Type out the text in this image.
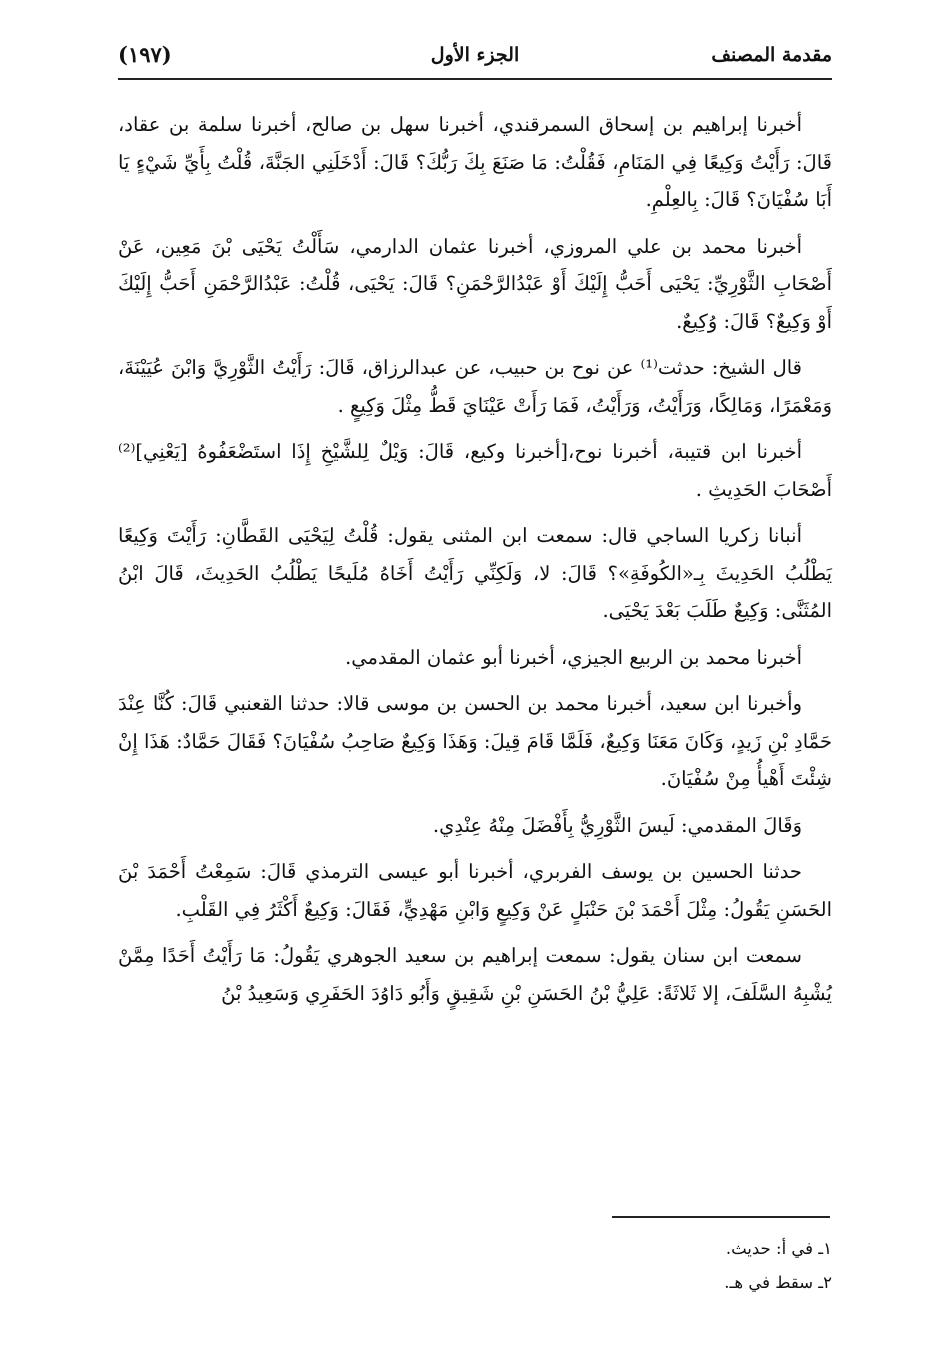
مقدمة المصنف
الجزء الأول
(١٩٧)

أخبرنا إبراهيم بن إسحاق السمرقندي، أخبرنا سهل بن صالح، أخبرنا سلمة بن عقاد، قَالَ: رَأَيْتُ وَكِيعًا فِي المَنَامِ، فَقُلْتُ: مَا صَنَعَ بِكَ رَبُّكَ؟ قَالَ: أَدْخَلَنِي الجَنَّةَ، قُلْتُ بِأَيِّ شَيْءٍ يَا أَبَا سُفْيَانَ؟ قَالَ: بِالعِلْمِ.

أخبرنا محمد بن علي المروزي، أخبرنا عثمان الدارمي، سَأَلْتُ يَحْيَى بْنَ مَعِين، عَنْ أَصْحَابِ الثَّوْرِيِّ: يَحْيَى أَحَبُّ إِلَيْكَ أَوْ عَبْدُالرَّحْمَنِ؟ قَالَ: يَحْيَى، قُلْتُ: عَبْدُالرَّحْمَنِ أَحَبُّ إِلَيْكَ أَوْ وَكِيعٌ؟ قَالَ: وُكِيعٌ.

قال الشيخ: حدثت⁽¹⁾ عن نوح بن حبيب، عن عبدالرزاق، قَالَ: رَأَيْتُ الثَّوْرِيَّ وَابْنَ عُيَيْنَةَ، وَمَعْمَرًا، وَمَالِكًا، وَرَأَيْتُ، وَرَأَيْتُ، فَمَا رَأَتْ عَيْنَايَ قَطُّ مِثْلَ وَكِيعٍ .

أخبرنا ابن قتيبة، أخبرنا نوح،[أخبرنا وكيع، قَالَ: وَيْلٌ لِلشَّيْخِ إِذَا استَضْعَفُوهُ [يَعْنِي]⁽²⁾أَصْحَابَ الحَدِيثِ .

أنبانا زكريا الساجي قال: سمعت ابن المثنى يقول: قُلْتُ لِيَحْيَى القَطَّانِ: رَأَيْتَ وَكِيعًا يَطْلُبُ الحَدِيثَ بِـ«الكُوفَةِ»؟ قَالَ: لا، وَلَكِنِّي رَأَيْتُ أَخَاهُ مُلَيحًا يَطْلُبُ الحَدِيثَ، قَالَ ابْنُ المُثَنَّى: وَكِيعٌ طَلَبَ بَعْدَ يَحْيَى.

أخبرنا محمد بن الربيع الجيزي، أخبرنا أبو عثمان المقدمي.

وأخبرنا ابن سعيد، أخبرنا محمد بن الحسن بن موسى قالا: حدثنا القعنبي قَالَ: كُنَّا عِنْدَ حَمَّادِ بْنِ زَيدٍ، وَكَانَ مَعَنَا وَكِيعٌ، فَلَمَّا قَامَ قِيلَ: وَهَذَا وَكِيعٌ صَاحِبُ سُفْيَانَ؟ فَقَالَ حَمَّادٌ: هَذَا إِنْ شِئْتَ أَهْيأُ مِنْ سُفْيَانَ.

وَقَالَ المقدمي: لَيسَ الثَّوْرِيُّ بِأَفْضَلَ مِنْهُ عِنْدِي.

حدثنا الحسين بن يوسف الفربري، أخبرنا أبو عيسى الترمذي قَالَ: سَمِعْتُ أَحْمَدَ بْنَ الحَسَنِ يَقُولُ: مِثْلَ أَحْمَدَ بْنَ حَنْبَلٍ عَنْ وَكِيعٍ وَابْنِ مَهْدِيٍّ، فَقَالَ: وَكِيعٌ أَكْثَرُ فِي القَلْبِ.

سمعت ابن سنان يقول: سمعت إبراهيم بن سعيد الجوهري يَقُولُ: مَا رَأَيْتُ أَحَدًا مِمَّنْ يُشْبِهُ السَّلَفَ، إلا ثَلاثَةً: عَلِيُّ بْنُ الحَسَنِ بْنِ شَقِيقٍ وَأَبُو دَاوُدَ الحَفَرِي وَسَعِيدُ بْنُ

١ـ في أ: حديث.

٢ـ سقط في هـ.
